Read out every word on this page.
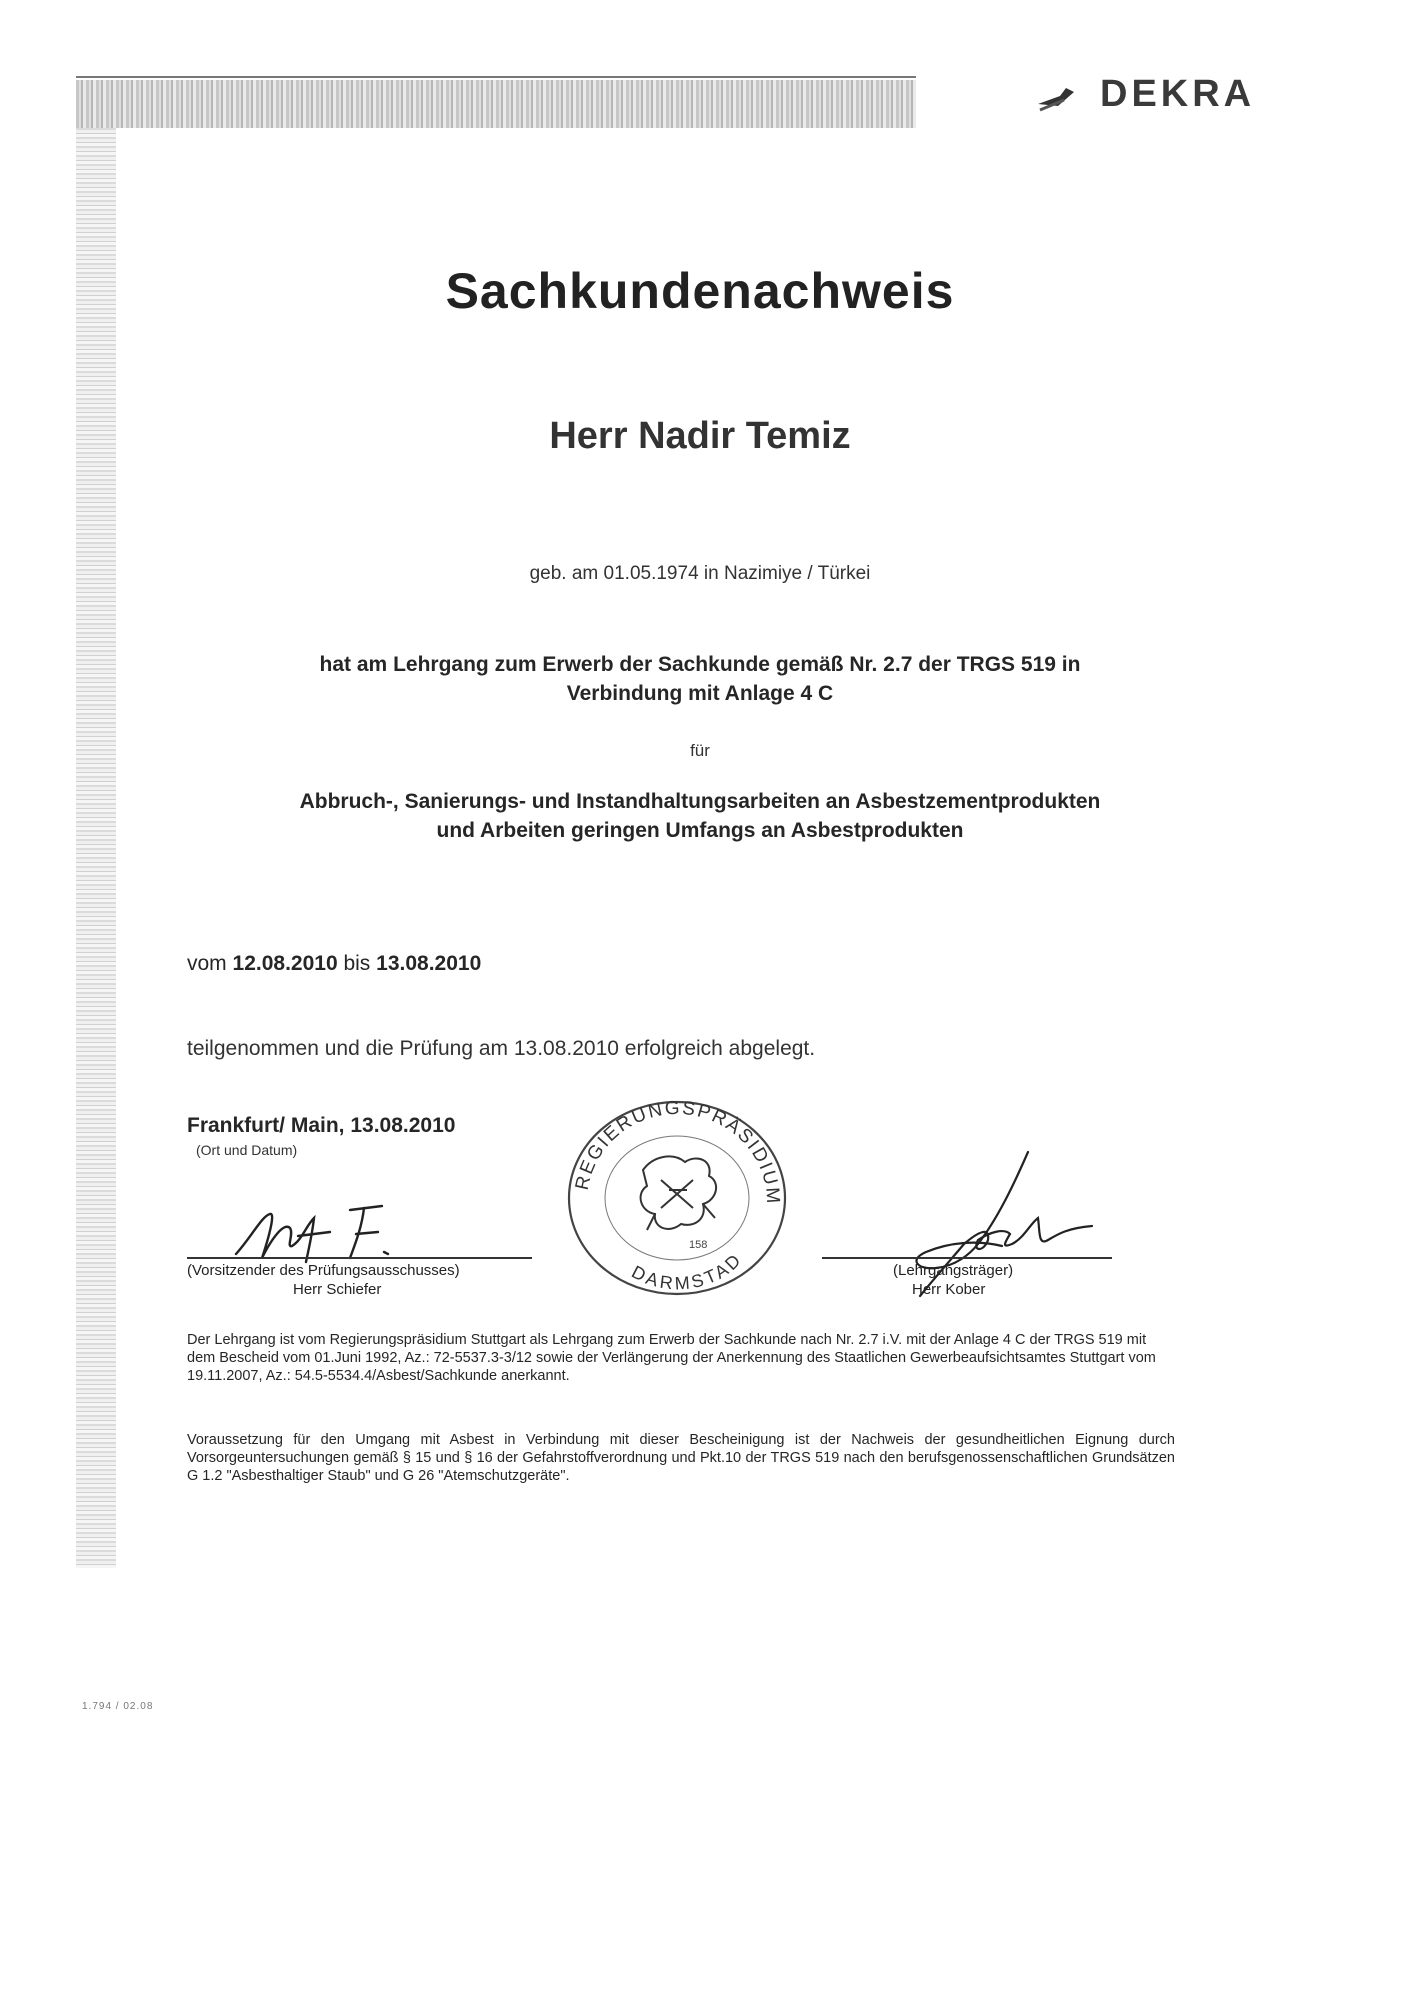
DEKRA
Sachkundenachweis
Herr Nadir Temiz
geb. am 01.05.1974 in Nazimiye / Türkei
hat am Lehrgang zum Erwerb der Sachkunde gemäß Nr. 2.7 der TRGS 519 in
Verbindung mit Anlage 4 C
für
Abbruch-, Sanierungs- und Instandhaltungsarbeiten an Asbestzementprodukten
und Arbeiten geringen Umfangs an Asbestprodukten
vom 12.08.2010 bis 13.08.2010
teilgenommen und die Prüfung am 13.08.2010 erfolgreich abgelegt.
Frankfurt/ Main, 13.08.2010
(Ort und Datum)
(Vorsitzender des Prüfungsausschusses)
Herr Schiefer
REGIERUNGSPRÄSIDIUM
DARMSTAD
158
(Lehrgangsträger)
Herr Kober
Der Lehrgang ist vom Regierungspräsidium Stuttgart als Lehrgang zum Erwerb der Sachkunde nach Nr. 2.7 i.V. mit der Anlage 4 C der TRGS 519 mit dem Bescheid vom 01.Juni 1992, Az.: 72-5537.3-3/12 sowie der Verlängerung der Anerkennung des Staatlichen Gewerbeaufsichtsamtes Stuttgart vom 19.11.2007, Az.: 54.5-5534.4/Asbest/Sachkunde anerkannt.
Voraussetzung für den Umgang mit Asbest in Verbindung mit dieser Bescheinigung ist der Nachweis der gesundheitlichen Eignung durch Vorsorgeuntersuchungen gemäß § 15 und § 16 der Gefahrstoffverordnung und Pkt.10 der TRGS 519 nach den berufsgenossenschaftlichen Grundsätzen G 1.2 "Asbesthaltiger Staub" und G 26 "Atemschutzgeräte".
1.794 / 02.08
